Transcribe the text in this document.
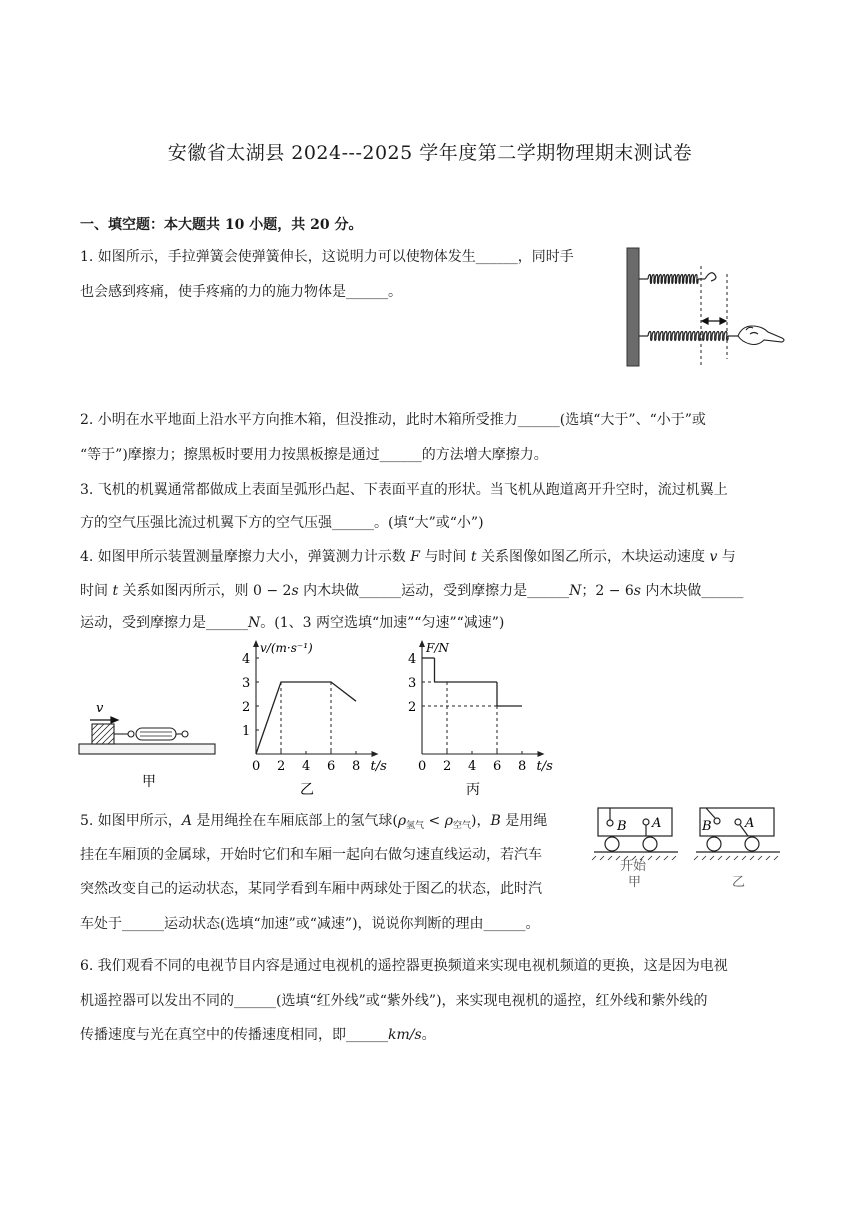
安徽省太湖县 2024---2025 学年度第二学期物理期末测试卷
一、填空题：本大题共 10 小题，共 20 分。
1. 如图所示，手拉弹簧会使弹簧伸长，这说明力可以使物体发生______，同时手
也会感到疼痛，使手疼痛的力的施力物体是______。
2. 小明在水平地面上沿水平方向推木箱，但没推动，此时木箱所受推力______(选填“大于”、“小于”或
“等于”)摩擦力；擦黑板时要用力按黑板擦是通过______的方法增大摩擦力。
3. 飞机的机翼通常都做成上表面呈弧形凸起、下表面平直的形状。当飞机从跑道离开升空时，流过机翼上
方的空气压强比流过机翼下方的空气压强______。(填“大”或“小”)
4. 如图甲所示装置测量摩擦力大小，弹簧测力计示数 F 与时间 t 关系图像如图乙所示，木块运动速度 v 与
时间 t 关系如图丙所示，则 0 − 2s 内木块做______运动，受到摩擦力是______N；2 − 6s 内木块做______
运动，受到摩擦力是______N。(1、3 两空选填“加速”“匀速”“减速”)
v
甲
0 2 4 6 8
1
2
3
4
v/(m·s⁻¹)
t/s
乙
0 2 4 6 8
2
3
4
F/N
t/s
丙
5. 如图甲所示，A 是用绳拴在车厢底部上的氢气球$(\rho_{氢气} < \rho_{空气})$，B 是用绳
挂在车厢顶的金属球，开始时它们和车厢一起向右做匀速直线运动，若汽车
突然改变自己的运动状态，某同学看到车厢中两球处于图乙的状态，此时汽
车处于______运动状态(选填“加速”或“减速”)，说说你判断的理由______。
B A
开始
甲
B	A
乙
6. 我们观看不同的电视节目内容是通过电视机的遥控器更换频道来实现电视机频道的更换，这是因为电视
机遥控器可以发出不同的______(选填“红外线”或“紫外线”)，来实现电视机的遥控，红外线和紫外线的
传播速度与光在真空中的传播速度相同，即______km/s。
